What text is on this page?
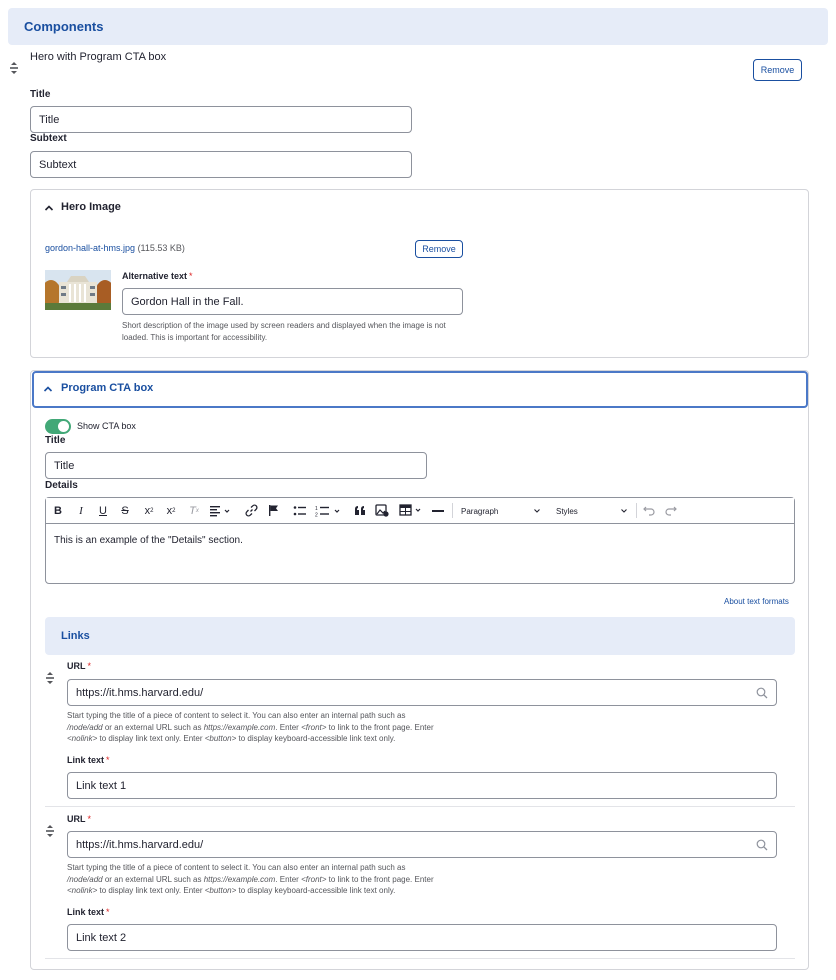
Components
Hero with Program CTA box
Remove
Title
Title
Subtext
Subtext
Hero Image
gordon-hall-at-hms.jpg (115.53 KB)	Remove
Alternative text *
Gordon Hall in the Fall.
Short description of the image used by screen readers and displayed when the image is not loaded. This is important for accessibility.
Program CTA box
Show CTA box
Title
Title
Details
B	I	U S	x 2	x 2 T x	1
2	Paragraph	Styles
This is an example of the "Details" section.
About text formats
Links
URL *
https://it.hms.harvard.edu/
Start typing the title of a piece of content to select it. You can also enter an internal path such as
/node/add or an external URL such as https://example.com. Enter <front> to link to the front page. Enter
<nolink> to display link text only. Enter <button> to display keyboard-accessible link text only.
Link text *
Link text 1
URL *
https://it.hms.harvard.edu/
Start typing the title of a piece of content to select it. You can also enter an internal path such as
/node/add or an external URL such as https://example.com. Enter <front> to link to the front page. Enter
<nolink> to display link text only. Enter <button> to display keyboard-accessible link text only.
Link text *
Link text 2
